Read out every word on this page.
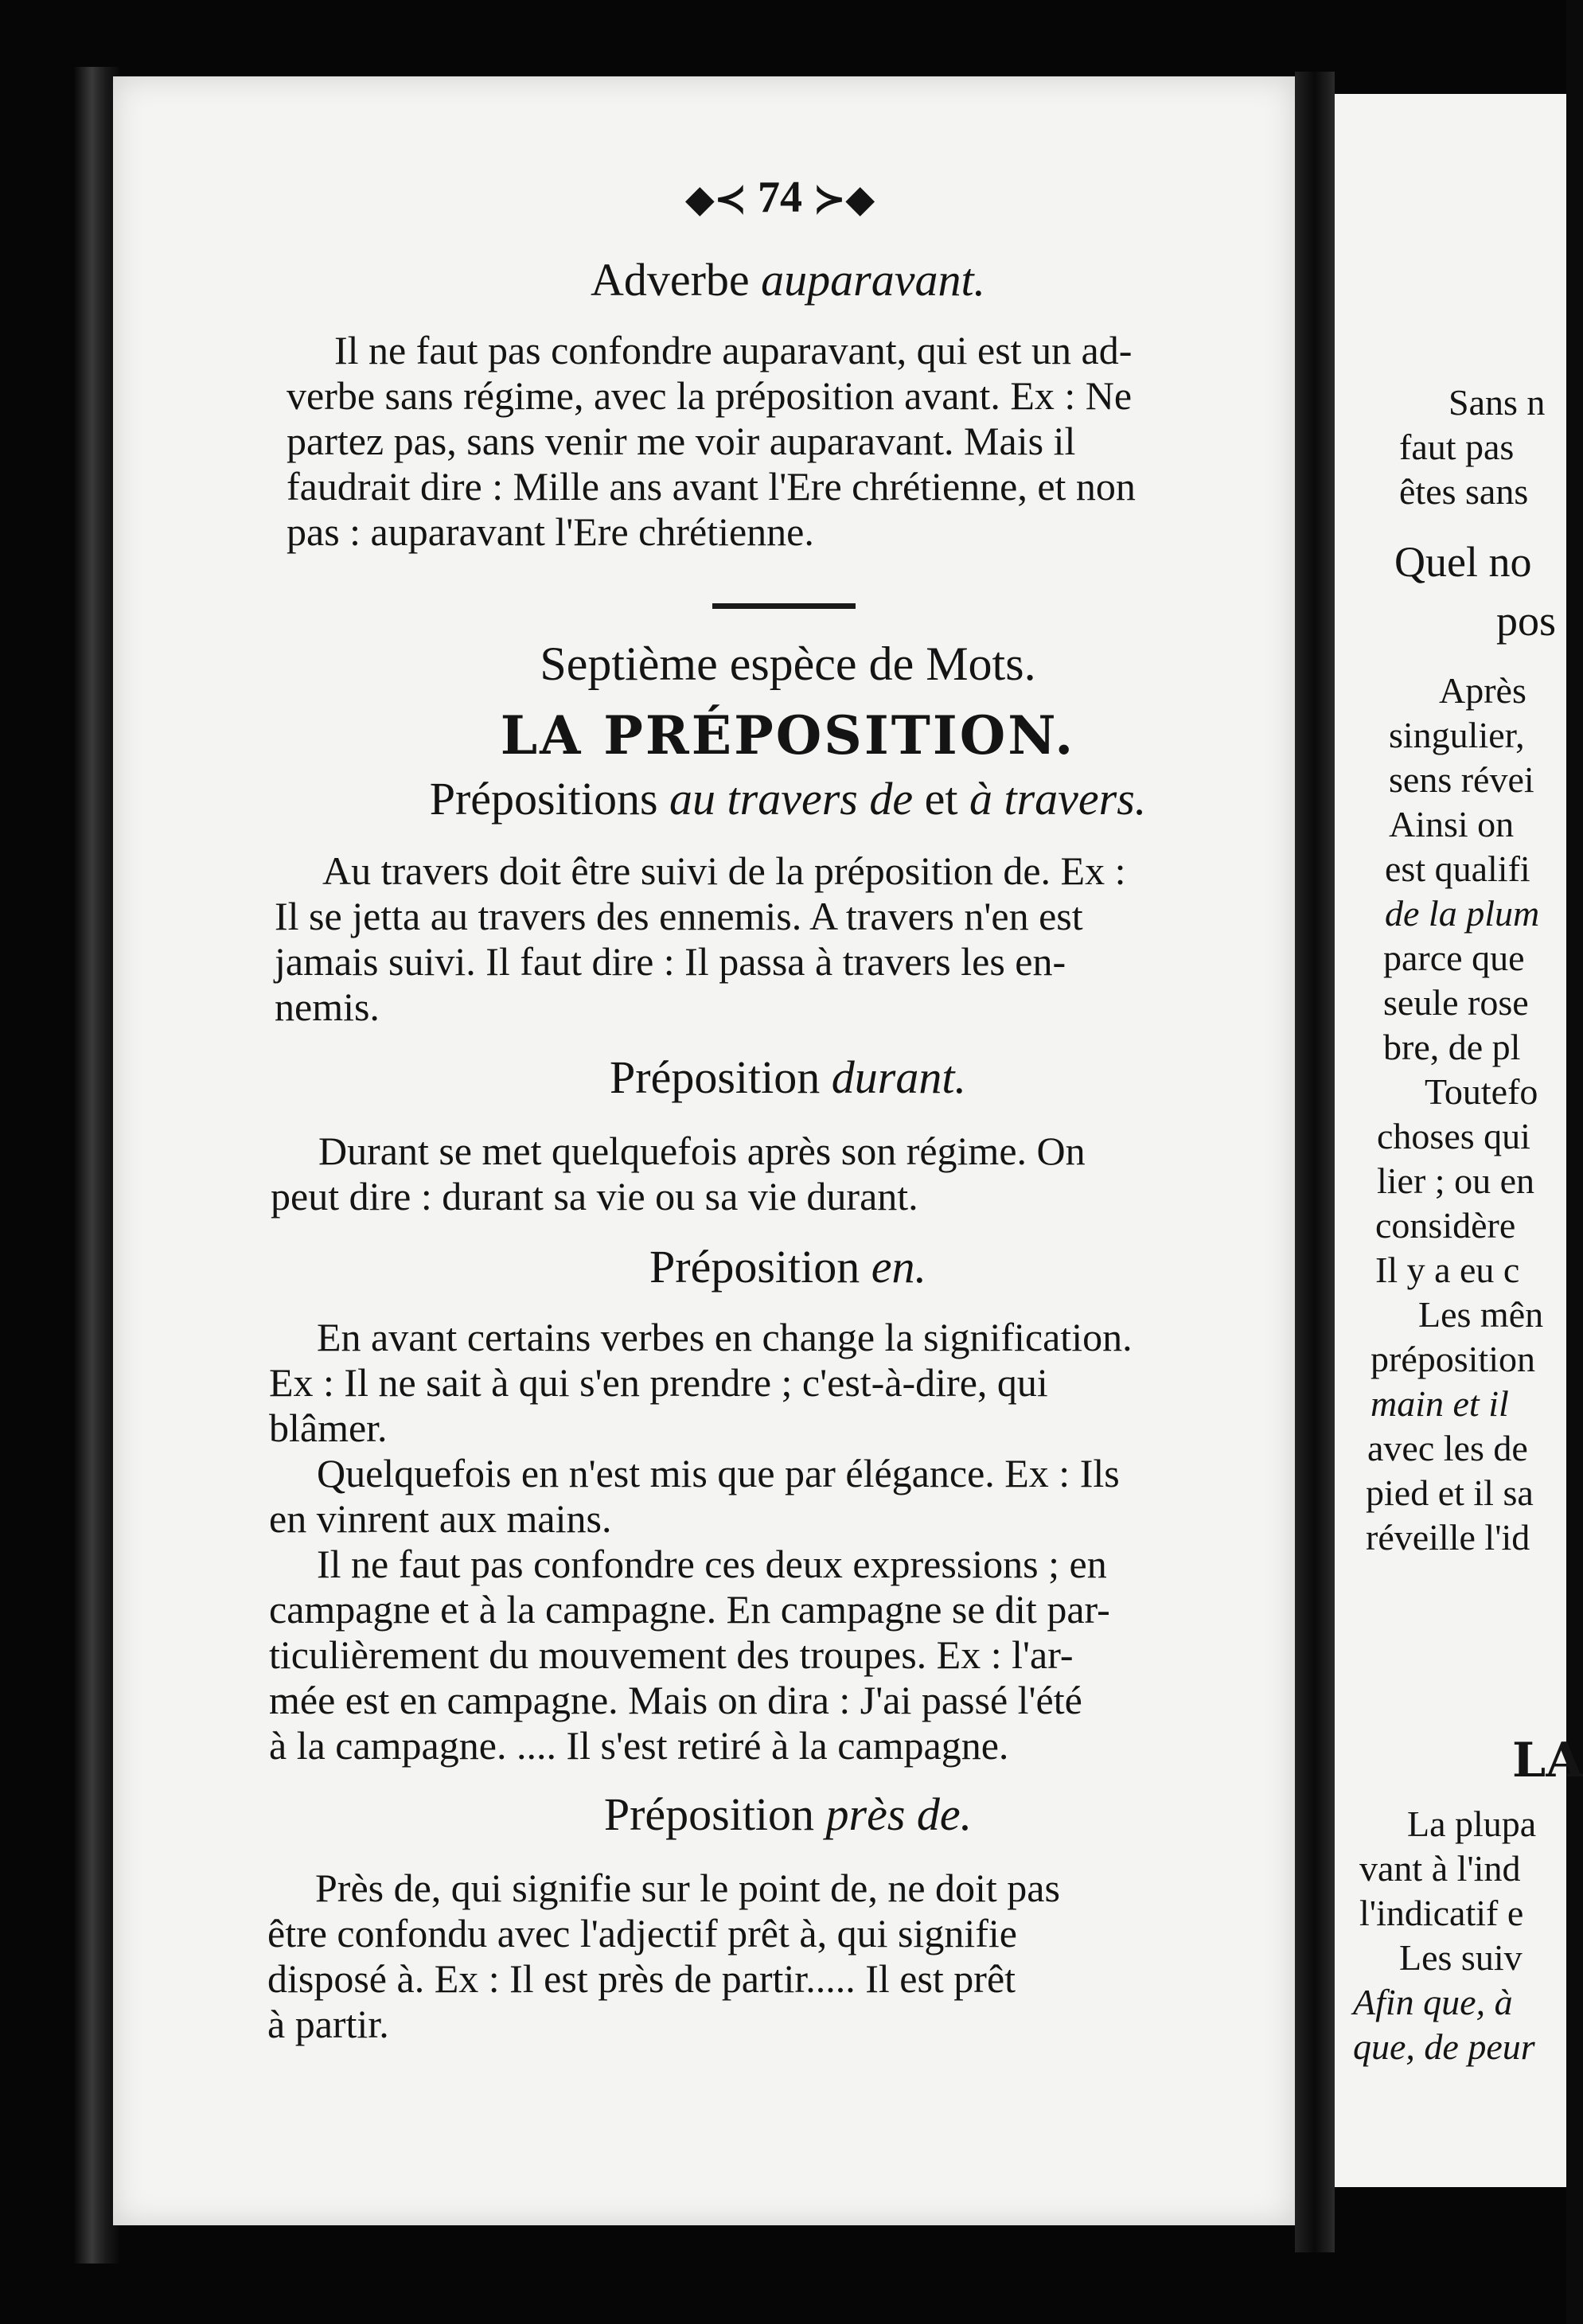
◆≺ 74 ≻◆
Adverbe auparavant.
Il ne faut pas confondre auparavant, qui est un ad-
verbe sans régime, avec la préposition avant. Ex : Ne
partez pas, sans venir me voir auparavant. Mais il
faudrait dire : Mille ans avant l'Ere chrétienne, et non
pas : auparavant l'Ere chrétienne.
Septième espèce de Mots.
LA PRÉPOSITION.
Prépositions au travers de et à travers.
Au travers doit être suivi de la préposition de. Ex :
Il se jetta au travers des ennemis. A travers n'en est
jamais suivi. Il faut dire : Il passa à travers les en-
nemis.
Préposition durant.
Durant se met quelquefois après son régime. On
peut dire : durant sa vie ou sa vie durant.
Préposition en.
En avant certains verbes en change la signification.
Ex : Il ne sait à qui s'en prendre ; c'est-à-dire, qui
blâmer.
Quelquefois en n'est mis que par élégance. Ex : Ils
en vinrent aux mains.
Il ne faut pas confondre ces deux expressions ; en
campagne et à la campagne. En campagne se dit par-
ticulièrement du mouvement des troupes. Ex : l'ar-
mée est en campagne. Mais on dira : J'ai passé l'été
à la campagne. .... Il s'est retiré à la campagne.
Préposition près de.
Près de, qui signifie sur le point de, ne doit pas
être confondu avec l'adjectif prêt à, qui signifie
disposé à. Ex : Il est près de partir..... Il est prêt
à partir.
Sans n
faut pas
êtes sans
Quel no
pos
Après
singulier,
sens révei
Ainsi on
est qualifi
de la plum
parce que
seule rose
bre, de pl
Toutefo
choses qui
lier ; ou en
considère
Il y a eu c
Les mên
préposition
main et il
avec les de
pied et il sa
réveille l'id
LA
La plupa
vant à l'ind
l'indicatif e
Les suiv
Afin que, à
que, de peur
